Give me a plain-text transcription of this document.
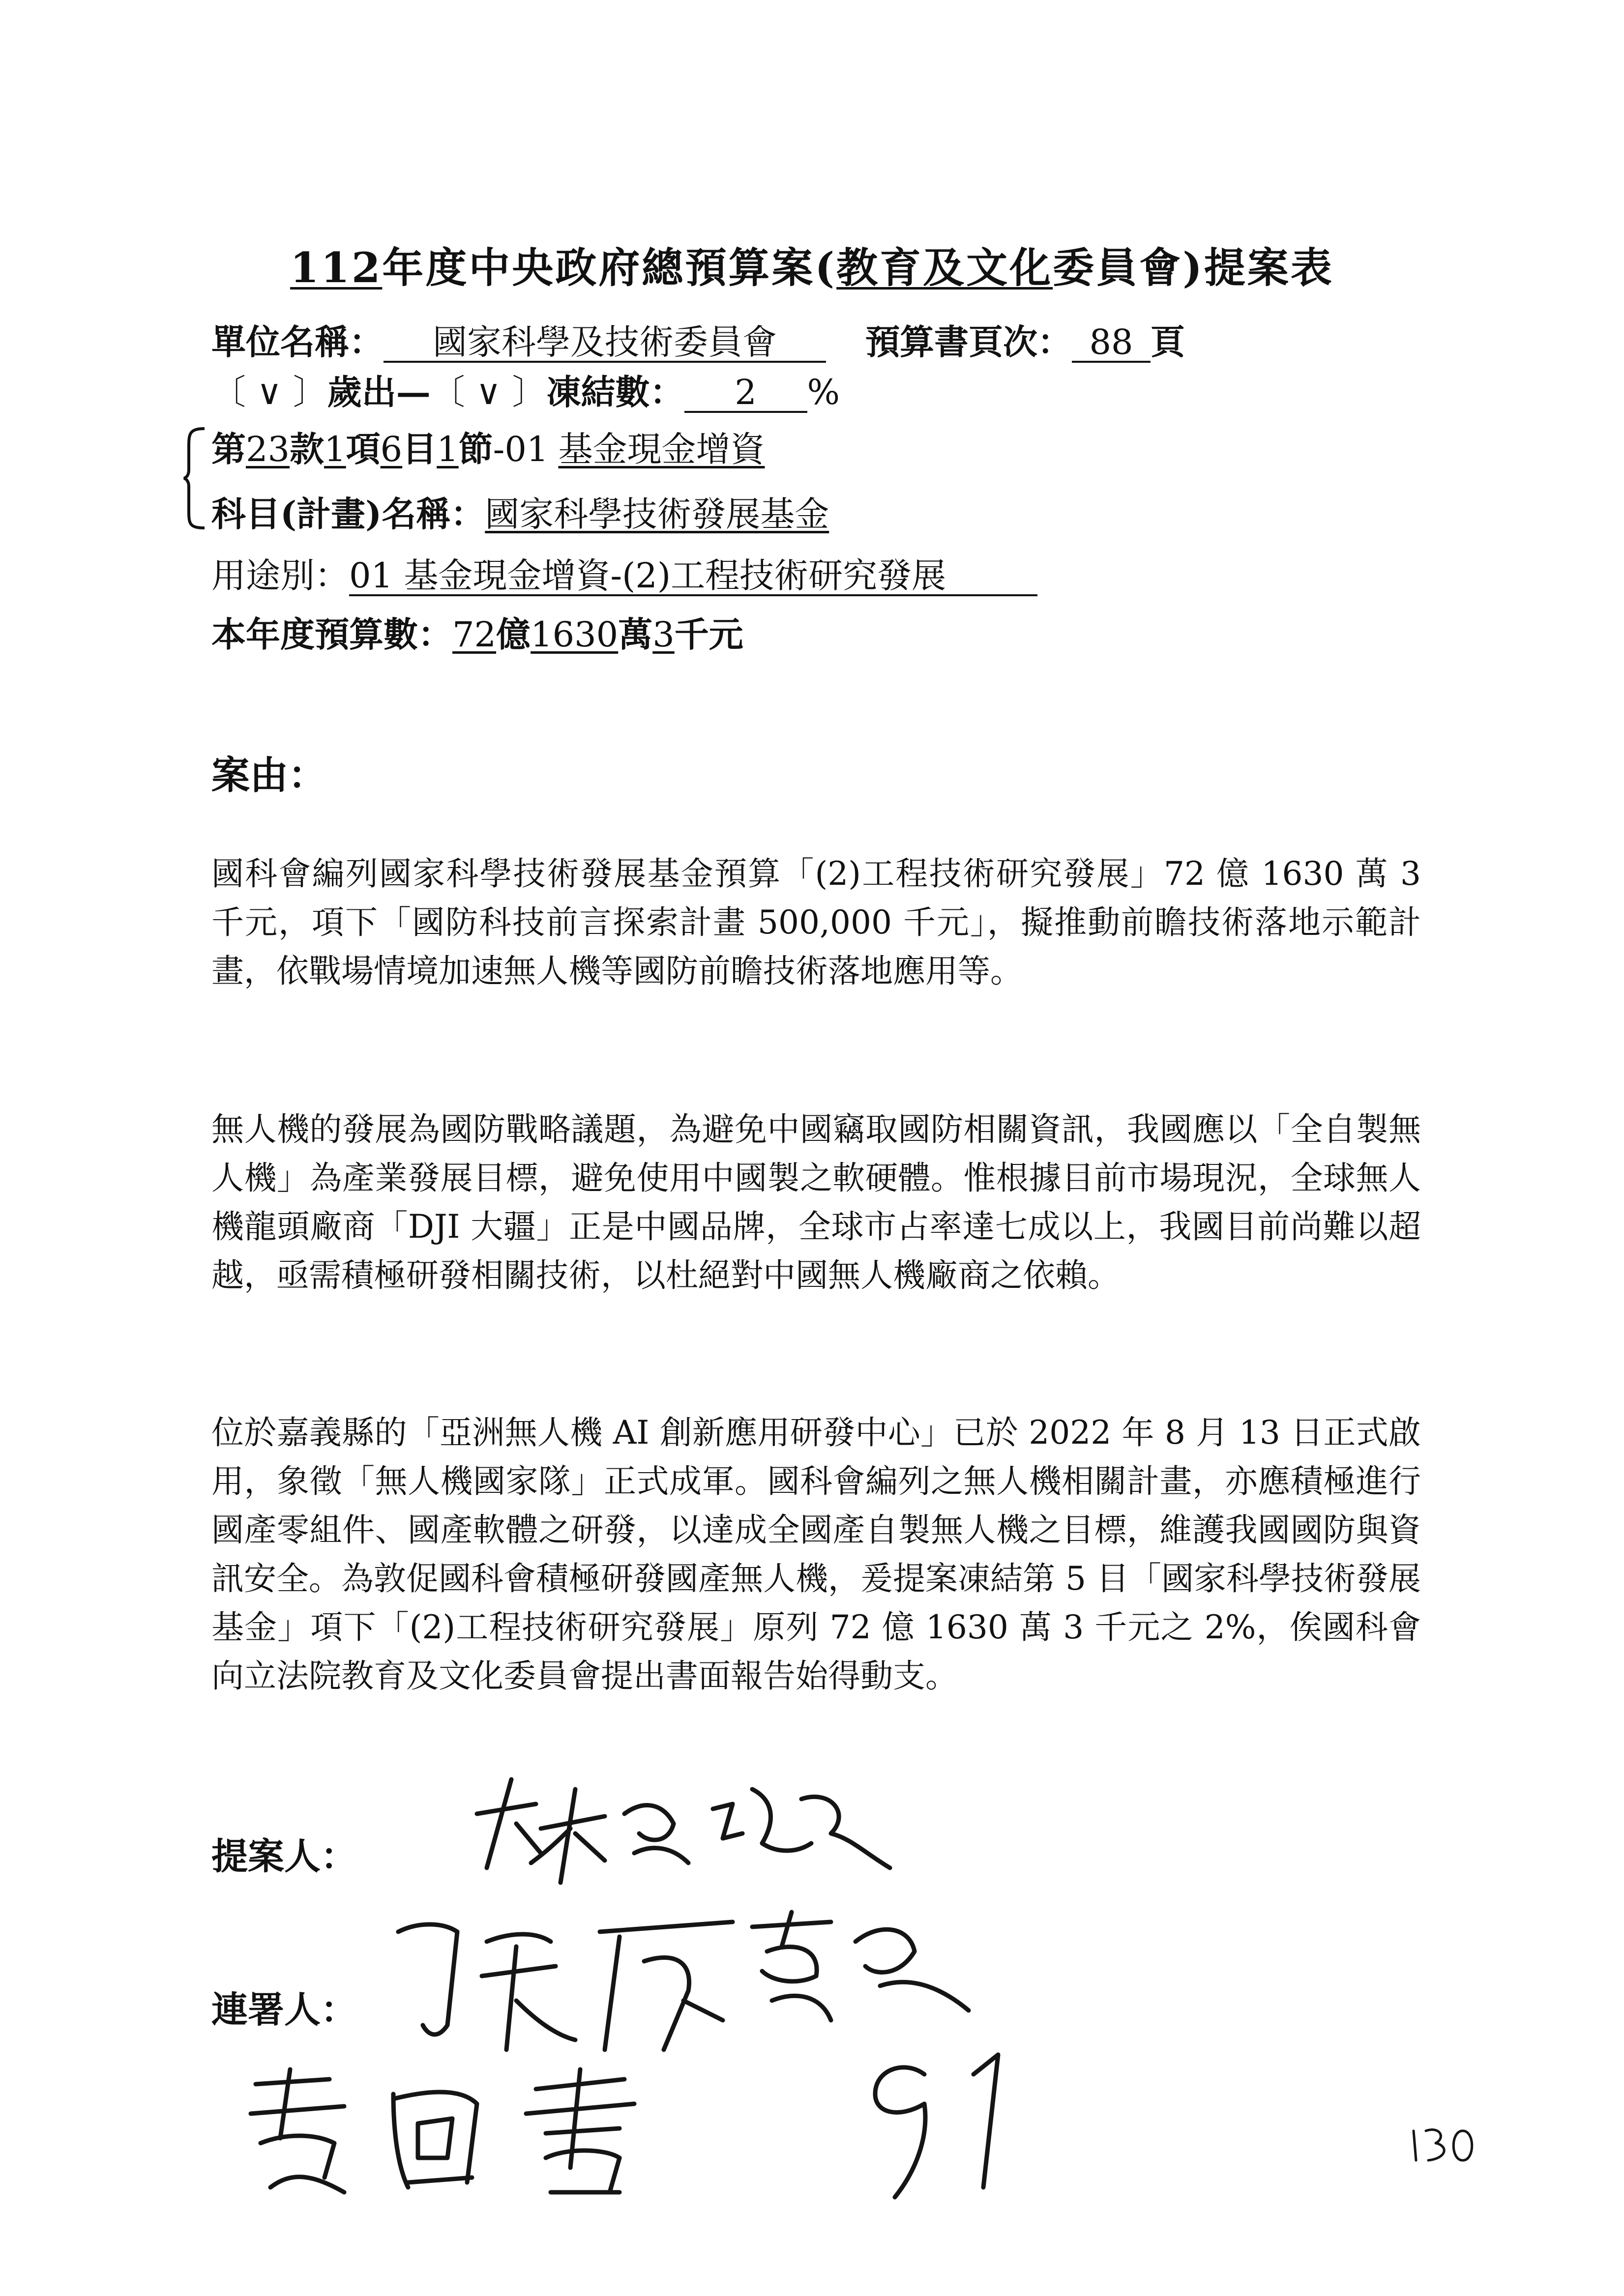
112年度中央政府總預算案(教育及文化委員會)提案表
單位名稱： 國家科學及技術委員會	預算書頁次： 88 頁
〔 ∨ 〕歲出—〔 ∨ 〕凍結數： 2 %
第23款1項6目1節-01 基金現金增資
科目(計畫)名稱：國家科學技術發展基金
用途別：01 基金現金增資-(2)工程技術研究發展
本年度預算數：72億1630萬3千元
案由：
國科會編列國家科學技術發展基金預算「(2)工程技術研究發展」72 億 1630 萬 3 千元，項下「國防科技前言探索計畫 500,000 千元」，擬推動前瞻技術落地示範計畫，依戰場情境加速無人機等國防前瞻技術落地應用等。
無人機的發展為國防戰略議題，為避免中國竊取國防相關資訊，我國應以「全自製無人機」為產業發展目標，避免使用中國製之軟硬體。惟根據目前市場現況，全球無人機龍頭廠商「DJI 大疆」正是中國品牌，全球市占率達七成以上，我國目前尚難以超越，亟需積極研發相關技術，以杜絕對中國無人機廠商之依賴。
位於嘉義縣的「亞洲無人機 AI 創新應用研發中心」已於 2022 年 8 月 13 日正式啟用，象徵「無人機國家隊」正式成軍。國科會編列之無人機相關計畫，亦應積極進行國產零組件、國產軟體之研發，以達成全國產自製無人機之目標，維護我國國防與資訊安全。為敦促國科會積極研發國產無人機，爰提案凍結第 5 目「國家科學技術發展基金」項下「(2)工程技術研究發展」原列 72 億 1630 萬 3 千元之 2%，俟國科會向立法院教育及文化委員會提出書面報告始得動支。
提案人：
連署人：
91
